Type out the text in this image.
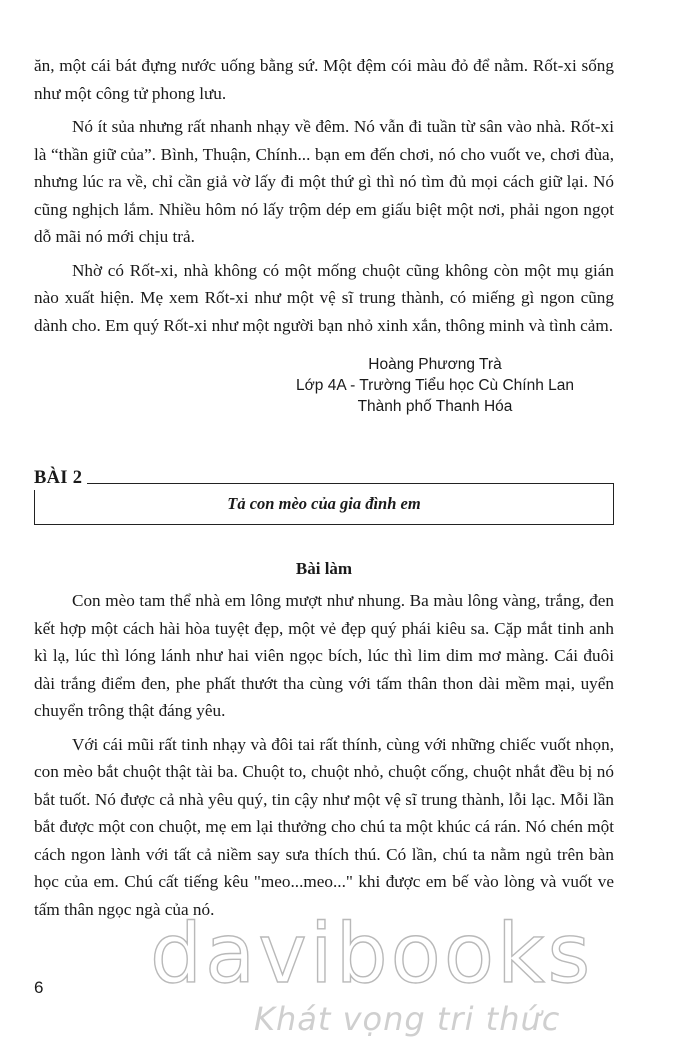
ăn, một cái bát đựng nước uống bằng sứ. Một đệm cói màu đỏ để nằm. Rốt-xi sống như một công tử phong lưu.

Nó ít sủa nhưng rất nhanh nhạy về đêm. Nó vẫn đi tuần từ sân vào nhà. Rốt-xi là “thần giữ của”. Bình, Thuận, Chính... bạn em đến chơi, nó cho vuốt ve, chơi đùa, nhưng lúc ra về, chỉ cần giả vờ lấy đi một thứ gì thì nó tìm đủ mọi cách giữ lại. Nó cũng nghịch lắm. Nhiều hôm nó lấy trộm dép em giấu biệt một nơi, phải ngon ngọt dỗ mãi nó mới chịu trả.

Nhờ có Rốt-xi, nhà không có một mống chuột cũng không còn một mụ gián nào xuất hiện. Mẹ xem Rốt-xi như một vệ sĩ trung thành, có miếng gì ngon cũng dành cho. Em quý Rốt-xi như một người bạn nhỏ xinh xắn, thông minh và tình cảm.

Hoàng Phương Trà
Lớp 4A - Trường Tiểu học Cù Chính Lan
Thành phố Thanh Hóa
Tả con mèo của gia đình em
BÀI 2
Bài làm

Con mèo tam thể nhà em lông mượt như nhung. Ba màu lông vàng, trắng, đen kết hợp một cách hài hòa tuyệt đẹp, một vẻ đẹp quý phái kiêu sa. Cặp mắt tinh anh kì lạ, lúc thì lóng lánh như hai viên ngọc bích, lúc thì lim dim mơ màng. Cái đuôi dài trắng điểm đen, phe phất thướt tha cùng với tấm thân thon dài mềm mại, uyển chuyển trông thật đáng yêu.

Với cái mũi rất tinh nhạy và đôi tai rất thính, cùng với những chiếc vuốt nhọn, con mèo bắt chuột thật tài ba. Chuột to, chuột nhỏ, chuột cống, chuột nhắt đều bị nó bắt tuốt. Nó được cả nhà yêu quý, tin cậy như một vệ sĩ trung thành, lỗi lạc. Mỗi lần bắt được một con chuột, mẹ em lại thưởng cho chú ta một khúc cá rán. Nó chén một cách ngon lành với tất cả niềm say sưa thích thú. Có lần, chú ta nằm ngủ trên bàn học của em. Chú cất tiếng kêu "meo...meo..." khi được em bế vào lòng và vuốt ve tấm thân ngọc ngà của nó.

6 davibooks
Khát vọng tri thức
